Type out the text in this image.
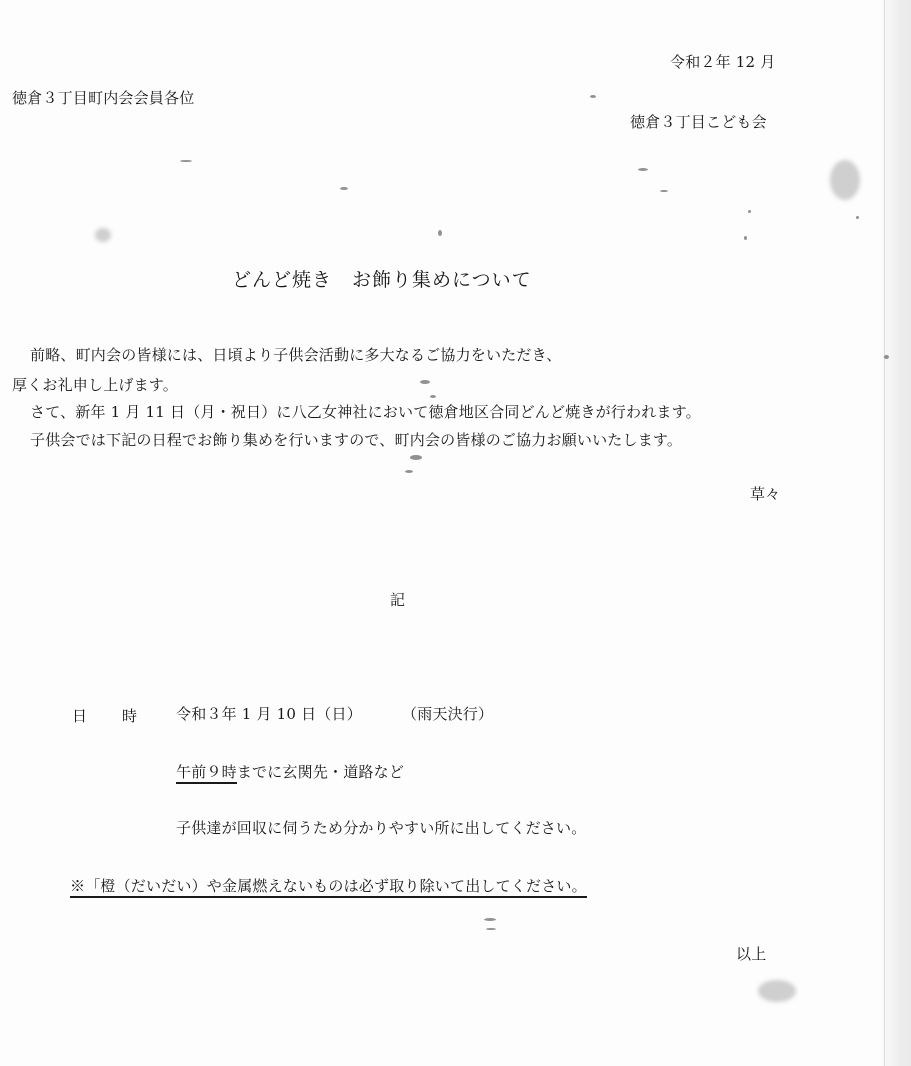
令和２年 12 月
徳倉３丁目町内会会員各位
徳倉３丁目こども会
どんど焼き　お飾り集めについて
前略、町内会の皆様には、日頃より子供会活動に多大なるご協力をいただき、
厚くお礼申し上げます。
さて、新年 1 月 11 日（月・祝日）に八乙女神社において徳倉地区合同どんど焼きが行われます。
子供会では下記の日程でお飾り集めを行いますので、町内会の皆様のご協力お願いいたします。
草々
記
日 時	令和３年 1 月 10 日（日）	（雨天決行）
午前９時までに玄関先・道路など
子供達が回収に伺うため分かりやすい所に出してください。
※「橙（だいだい）や金属燃えないものは必ず取り除いて出してください。
以上
